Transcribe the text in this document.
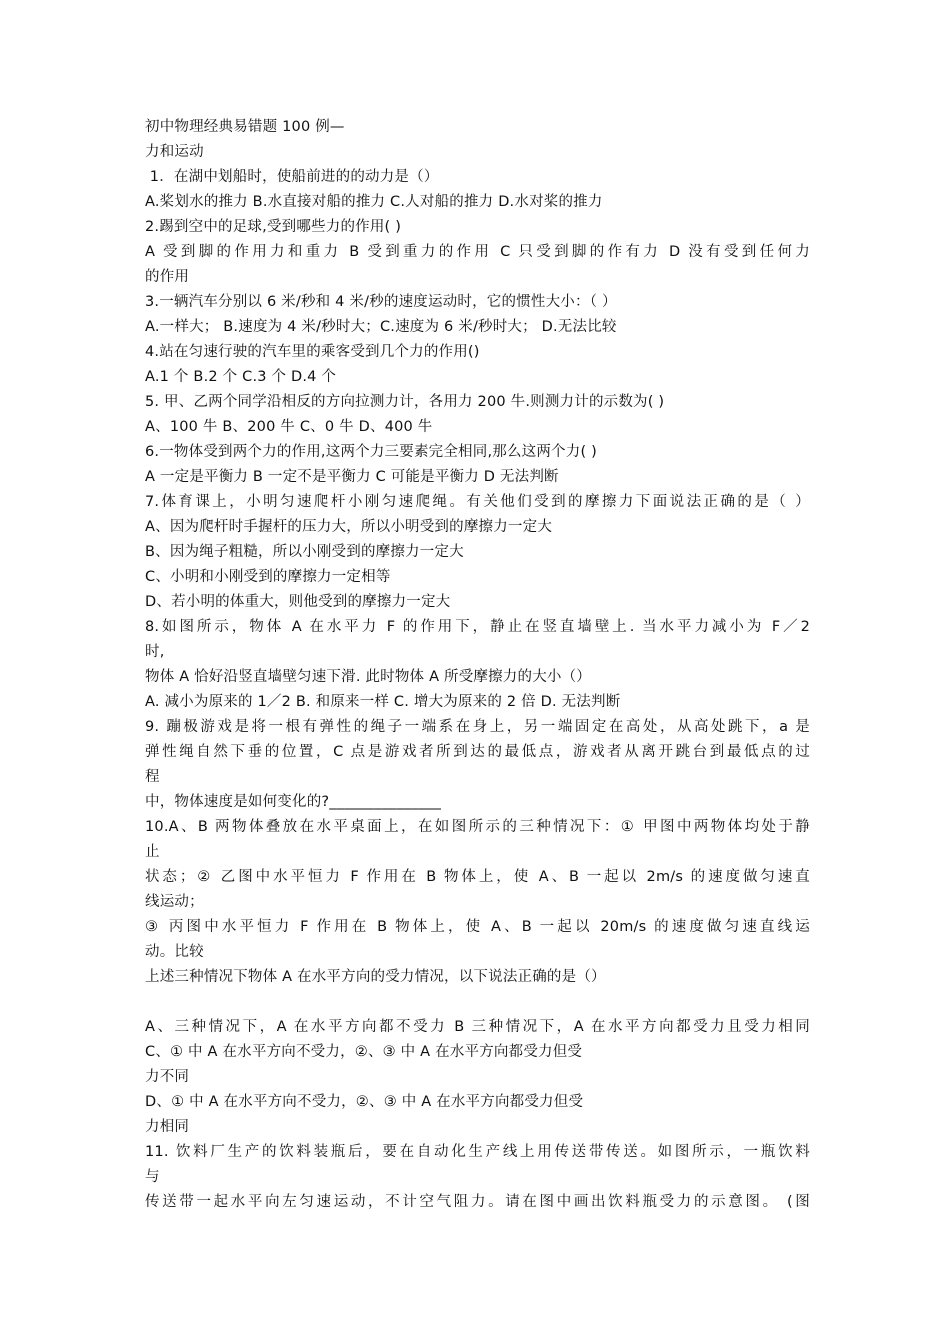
初中物理经典易错题 100 例—
力和运动
1．在湖中划船时，使船前进的的动力是（）
A.桨划水的推力 B.水直接对船的推力 C.人对船的推力 D.水对桨的推力
2.踢到空中的足球,受到哪些力的作用( )
A 受到脚的作用力和重力 B 受到重力的作用 C 只受到脚的作有力 D 没有受到任何力
的作用
3.一辆汽车分别以 6 米/秒和 4 米/秒的速度运动时，它的惯性大小：（ ）
A.一样大； B.速度为 4 米/秒时大；C.速度为 6 米/秒时大； D.无法比较
4.站在匀速行驶的汽车里的乘客受到几个力的作用()
A.1 个 B.2 个 C.3 个 D.4 个
5. 甲、乙两个同学沿相反的方向拉测力计，各用力 200 牛.则测力计的示数为( )
A、100 牛 B、200 牛 C、0 牛 D、400 牛
6.一物体受到两个力的作用,这两个力三要素完全相同,那么这两个力( )
A 一定是平衡力 B 一定不是平衡力 C 可能是平衡力 D 无法判断
7.体育课上，小明匀速爬杆小刚匀速爬绳。有关他们受到的摩擦力下面说法正确的是（ ）
A、因为爬杆时手握杆的压力大，所以小明受到的摩擦力一定大
B、因为绳子粗糙，所以小刚受到的摩擦力一定大
C、小明和小刚受到的摩擦力一定相等
D、若小明的体重大，则他受到的摩擦力一定大
8.如图所示，物体 A 在水平力 F 的作用下，静止在竖直墙壁上. 当水平力减小为 F／2
时,
物体 A 恰好沿竖直墙壁匀速下滑. 此时物体 A 所受摩擦力的大小（）
A. 减小为原来的 1／2 B. 和原来一样 C. 增大为原来的 2 倍 D. 无法判断
9. 蹦极游戏是将一根有弹性的绳子一端系在身上，另一端固定在高处，从高处跳下，a 是
弹性绳自然下垂的位置，C 点是游戏者所到达的最低点，游戏者从离开跳台到最低点的过
程
中，物体速度是如何变化的?_______________
10.A、B 两物体叠放在水平桌面上，在如图所示的三种情况下：① 甲图中两物体均处于静
止
状态；② 乙图中水平恒力 F 作用在 B 物体上，使 A、B 一起以 2m/s 的速度做匀速直
线运动；
③ 丙图中水平恒力 F 作用在 B 物体上，使 A、B 一起以 20m/s 的速度做匀速直线运
动。比较
上述三种情况下物体 A 在水平方向的受力情况，以下说法正确的是（）
A、三种情况下，A 在水平方向都不受力 B 三种情况下，A 在水平方向都受力且受力相同
C、① 中 A 在水平方向不受力，②、③ 中 A 在水平方向都受力但受
力不同
D、① 中 A 在水平方向不受力，②、③ 中 A 在水平方向都受力但受
力相同
11. 饮料厂生产的饮料装瓶后，要在自动化生产线上用传送带传送。如图所示，一瓶饮料
与
传送带一起水平向左匀速运动，不计空气阻力。请在图中画出饮料瓶受力的示意图。 (图
